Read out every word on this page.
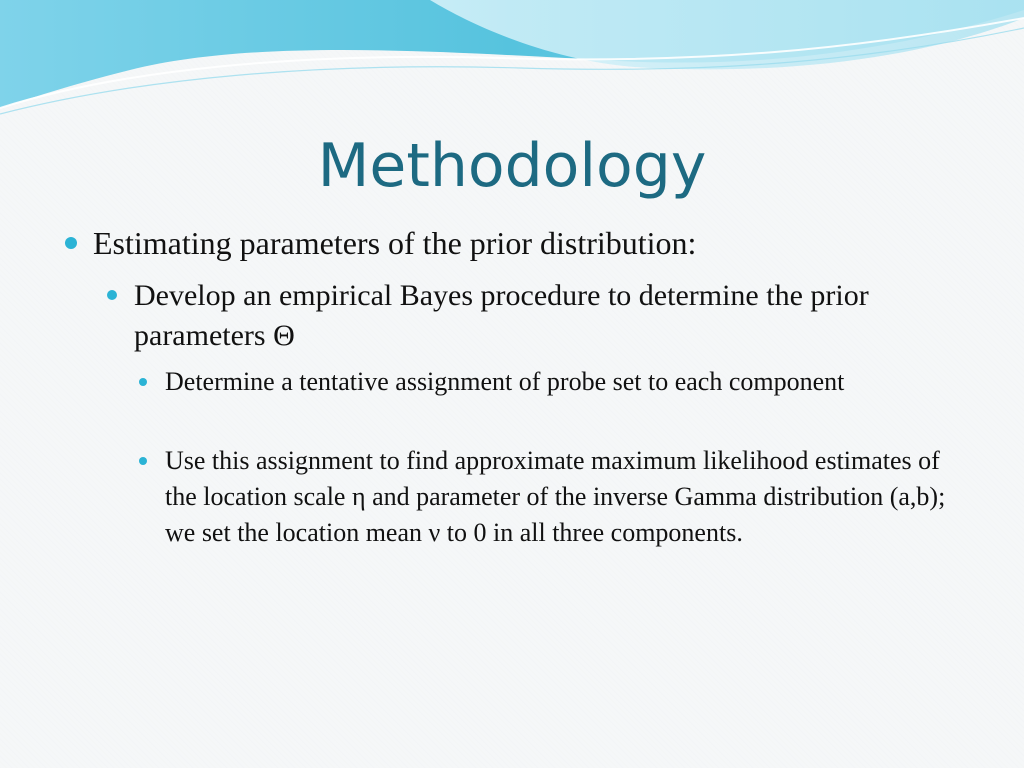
Methodology
Estimating parameters of the prior distribution:
Develop an empirical Bayes procedure to determine the prior parameters Θ
Determine a tentative assignment of probe set to each component
Use this assignment to find approximate maximum likelihood estimates of the location scale η and parameter of the inverse Gamma distribution (a,b); we set the location mean ν to 0 in all three components.
